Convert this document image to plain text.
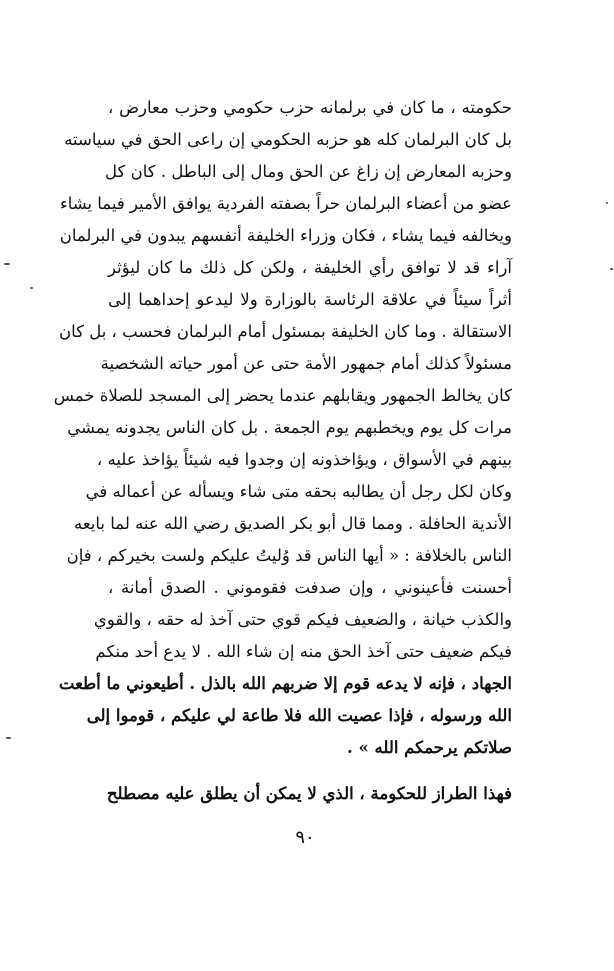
حكومته ، ما كان في برلمانه حزب حكومي وحزب معارض ،
بل كان البرلمان كله هو حزبه الحكومي إن راعى الحق في سياسته
وحزبه المعارض إن زاغ عن الحق ومال إلى الباطل . كان كل
عضو من أعضاء البرلمان حراً بصفته الفردية يوافق الأمير فيما يشاء
ويخالفه فيما يشاء ، فكان وزراء الخليفة أنفسهم يبدون في البرلمان
آراء قد لا توافق رأي الخليفة ، ولكن كل ذلك ما كان ليؤثر
أثراً سيئاً في علاقة الرئاسة بالوزارة ولا ليدعو إحداهما إلى
الاستقالة . وما كان الخليفة بمسئول أمام البرلمان فحسب ، بل كان
مسئولاً كذلك أمام جمهور الأمة حتى عن أمور حياته الشخصية
كان يخالط الجمهور ويقابلهم عندما يحضر إلى المسجد للصلاة خمس
مرات كل يوم ويخطبهم يوم الجمعة . بل كان الناس يجدونه يمشي
بينهم في الأسواق ، ويؤاخذونه إن وجدوا فيه شيئاً يؤاخذ عليه ،
وكان لكل رجل أن يطالبه بحقه متى شاء ويسأله عن أعماله في
الأندية الحافلة . ومما قال أبو بكر الصديق رضي الله عنه لما بايعه
الناس بالخلافة : « أيها الناس قد وُليتُ عليكم ولست بخيركم ، فإن
أحسنت فأعينوني ، وإن صدفت فقوموني . الصدق أمانة ،
والكذب خيانة ، والضعيف فيكم قوي حتى آخذ له حقه ، والقوي
فيكم ضعيف حتى آخذ الحق منه إن شاء الله . لا يدع أحد منكم
الجهاد ، فإنه لا يدعه قوم إلا ضربهم الله بالذل . أطيعوني ما أطعت
الله ورسوله ، فإذا عصيت الله فلا طاعة لي عليكم ، قوموا إلى
صلاتكم يرحمكم الله » .
فهذا الطراز للحكومة ، الذي لا يمكن أن يطلق عليه مصطلح
٩٠
